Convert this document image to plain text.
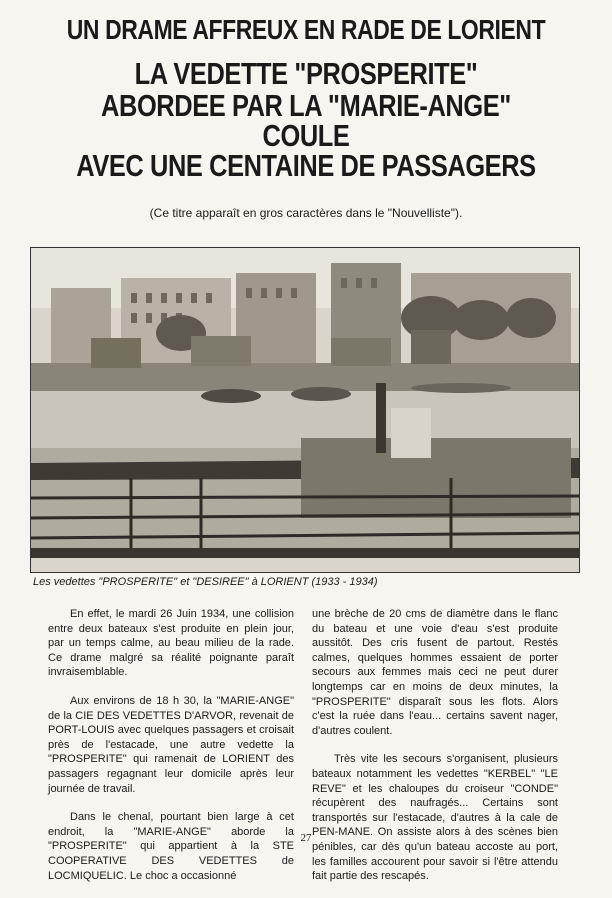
UN DRAME AFFREUX EN RADE DE LORIENT
LA VEDETTE "PROSPERITE"
ABORDEE PAR LA "MARIE-ANGE"
COULE
AVEC UNE CENTAINE DE PASSAGERS
(Ce titre apparaît en gros caractères dans le "Nouvelliste").
Les vedettes "PROSPERITE" et "DESIREE" à LORIENT (1933 - 1934)

En effet, le mardi 26 Juin 1934, une collision entre deux bateaux s'est produite en plein jour, par un temps calme, au beau milieu de la rade. Ce drame malgré sa réalité poignante paraît invraisemblable.

Aux environs de 18 h 30, la "MARIE-ANGE" de la CIE DES VEDETTES D'ARVOR, revenait de PORT-LOUIS avec quelques passagers et croisait près de l'estacade, une autre vedette la "PROSPERITE" qui ramenait de LORIENT des passagers regagnant leur domicile après leur journée de travail.

Dans le chenal, pourtant bien large à cet endroit, la "MARIE-ANGE" aborde la "PROSPERITE" qui appartient à la STE COOPERATIVE DES VEDETTES de LOCMIQUELIC. Le choc a occasionné

une brèche de 20 cms de diamètre dans le flanc du bateau et une voie d'eau s'est produite aussitôt. Des cris fusent de partout. Restés calmes, quelques hommes essaient de porter secours aux femmes mais ceci ne peut durer longtemps car en moins de deux minutes, la "PROSPERITE" disparaît sous les flots. Alors c'est la ruée dans l'eau... certains savent nager, d'autres coulent.

Très vite les secours s'organisent, plusieurs bateaux notamment les vedettes "KERBEL" "LE REVE" et les chaloupes du croiseur "CONDE" récupèrent des naufragés... Certains sont transportés sur l'estacade, d'autres à la cale de PEN-MANE. On assiste alors à des scènes bien pénibles, car dès qu'un bateau accoste au port, les familles accourent pour savoir si l'être attendu fait partie des rescapés.

27
